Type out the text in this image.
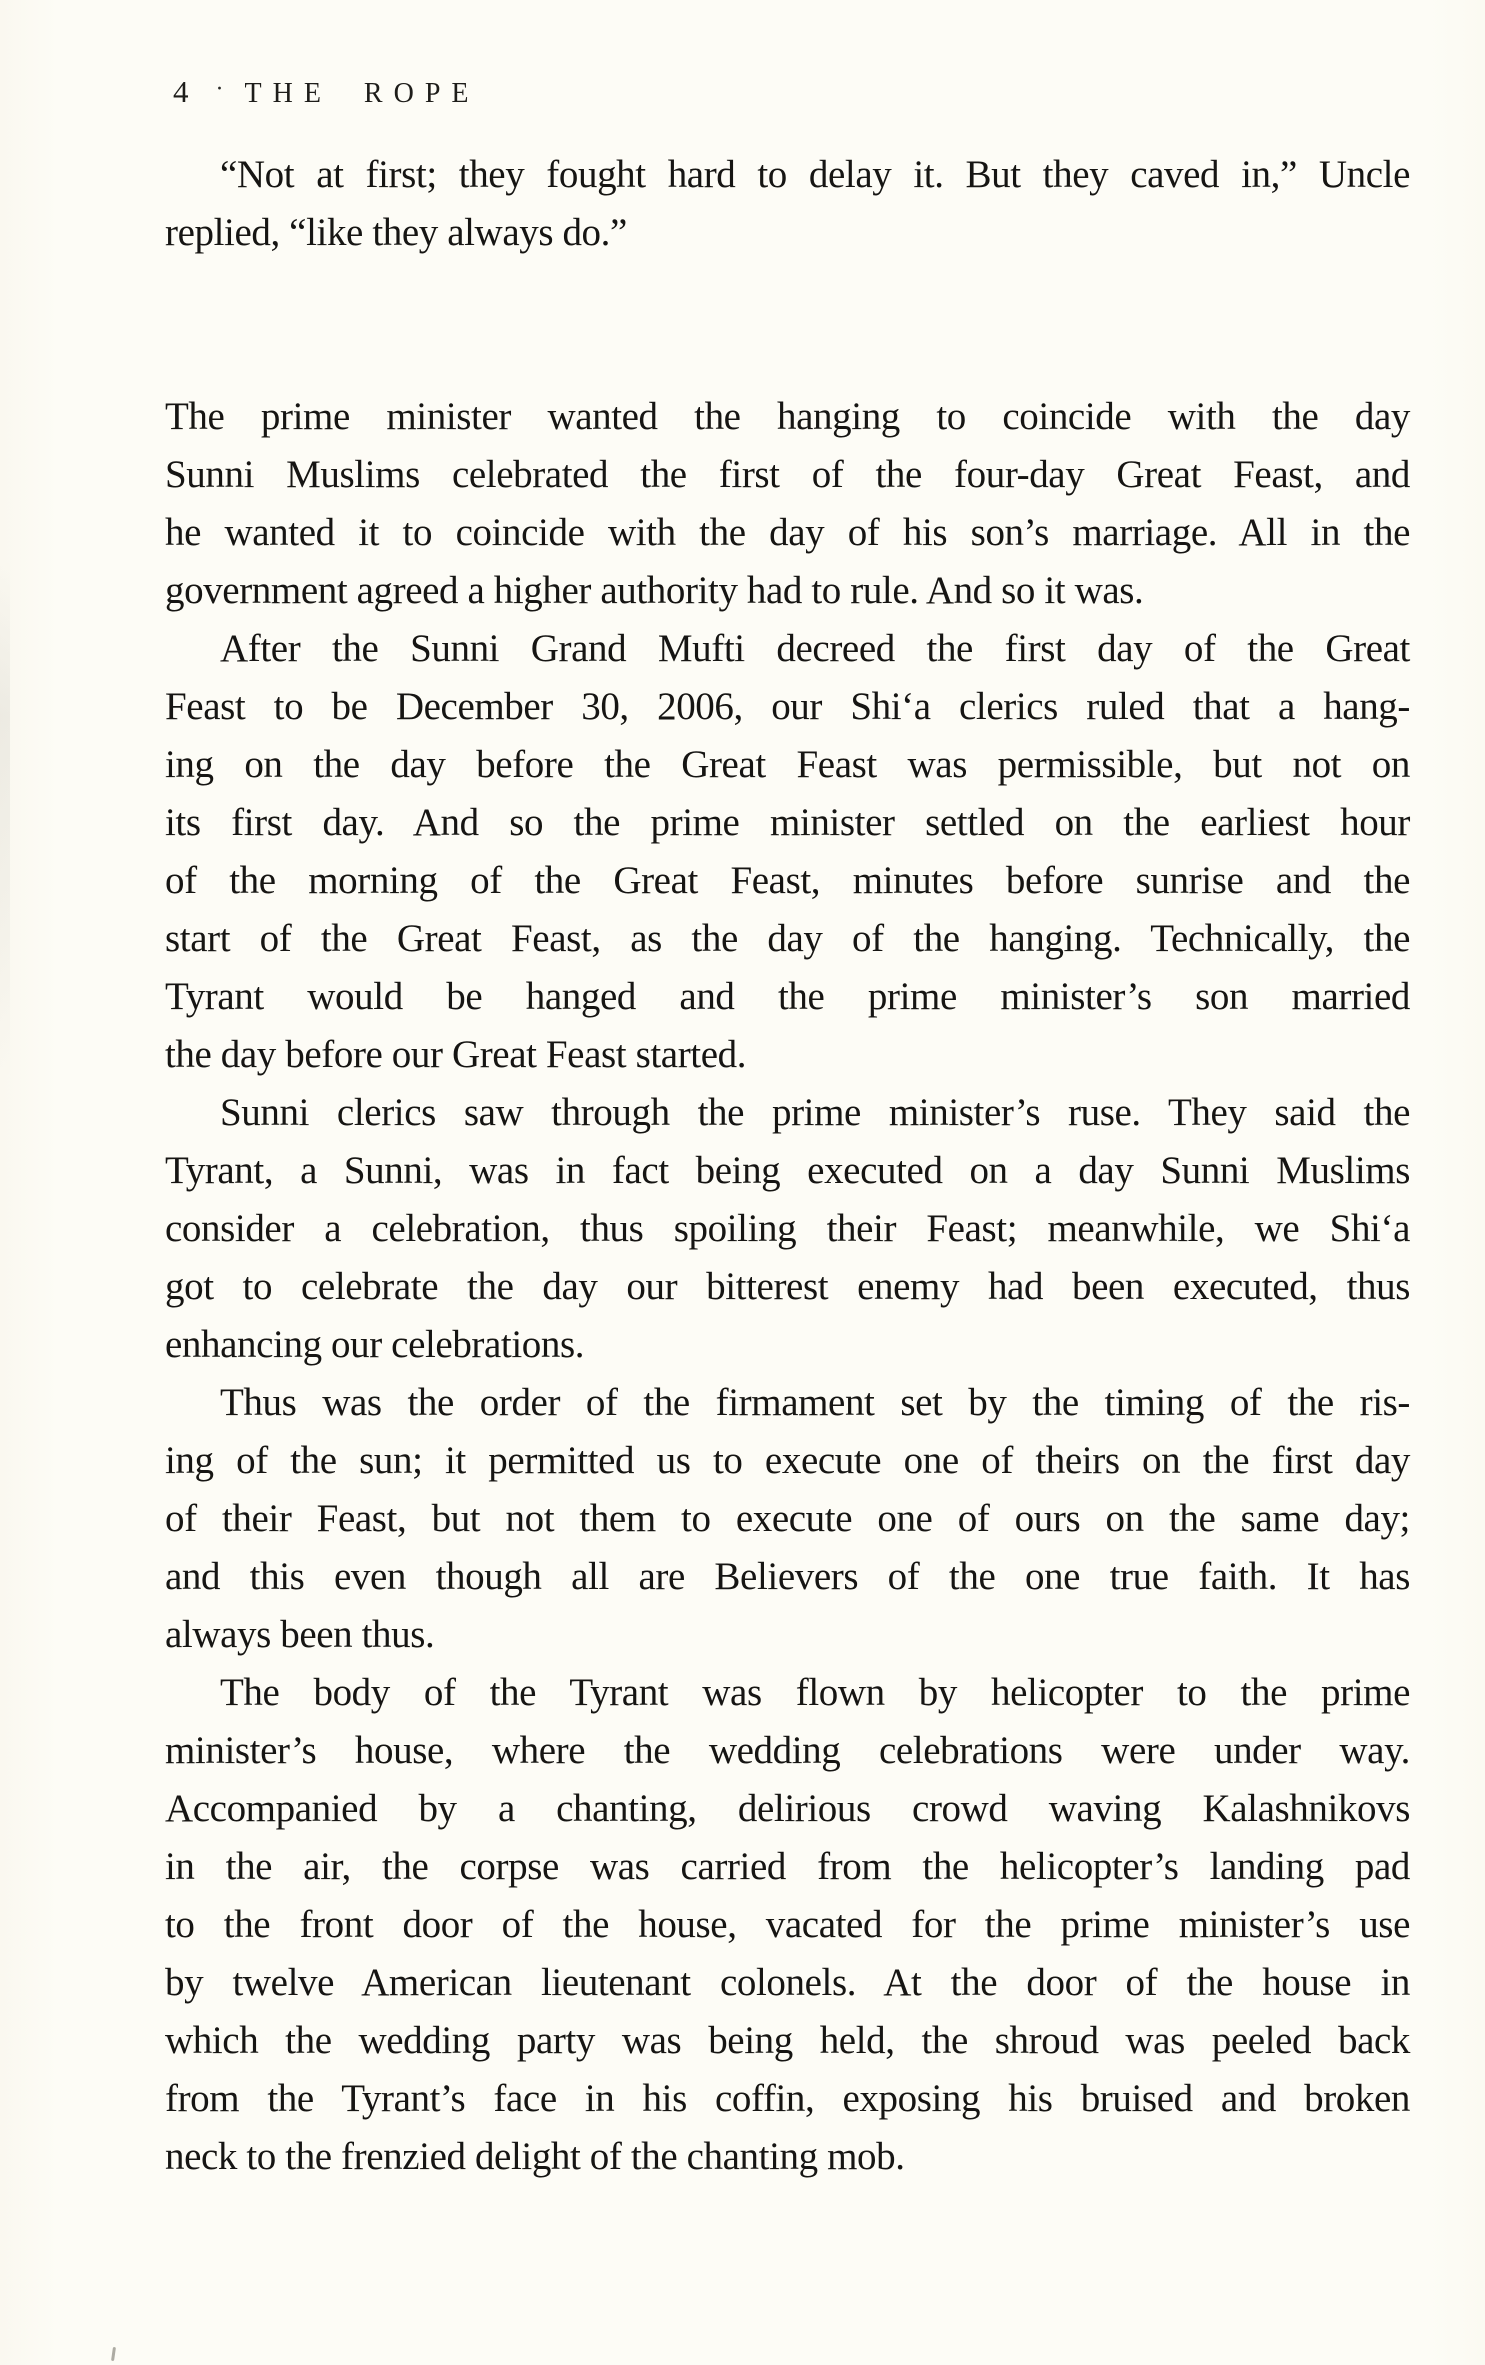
4 · THE ROPE
“Not at first; they fought hard to delay it. But they caved in,” Uncle
replied, “like they always do.”
The prime minister wanted the hanging to coincide with the day
Sunni Muslims celebrated the first of the four-day Great Feast, and
he wanted it to coincide with the day of his son’s marriage. All in the
government agreed a higher authority had to rule. And so it was.
After the Sunni Grand Mufti decreed the first day of the Great
Feast to be December 30, 2006, our Shi‘a clerics ruled that a hang-
ing on the day before the Great Feast was permissible, but not on
its first day. And so the prime minister settled on the earliest hour
of the morning of the Great Feast, minutes before sunrise and the
start of the Great Feast, as the day of the hanging. Technically, the
Tyrant would be hanged and the prime minister’s son married
the day before our Great Feast started.
Sunni clerics saw through the prime minister’s ruse. They said the
Tyrant, a Sunni, was in fact being executed on a day Sunni Muslims
consider a celebration, thus spoiling their Feast; meanwhile, we Shi‘a
got to celebrate the day our bitterest enemy had been executed, thus
enhancing our celebrations.
Thus was the order of the firmament set by the timing of the ris-
ing of the sun; it permitted us to execute one of theirs on the first day
of their Feast, but not them to execute one of ours on the same day;
and this even though all are Believers of the one true faith. It has
always been thus.
The body of the Tyrant was flown by helicopter to the prime
minister’s house, where the wedding celebrations were under way.
Accompanied by a chanting, delirious crowd waving Kalashnikovs
in the air, the corpse was carried from the helicopter’s landing pad
to the front door of the house, vacated for the prime minister’s use
by twelve American lieutenant colonels. At the door of the house in
which the wedding party was being held, the shroud was peeled back
from the Tyrant’s face in his coffin, exposing his bruised and broken
neck to the frenzied delight of the chanting mob.
